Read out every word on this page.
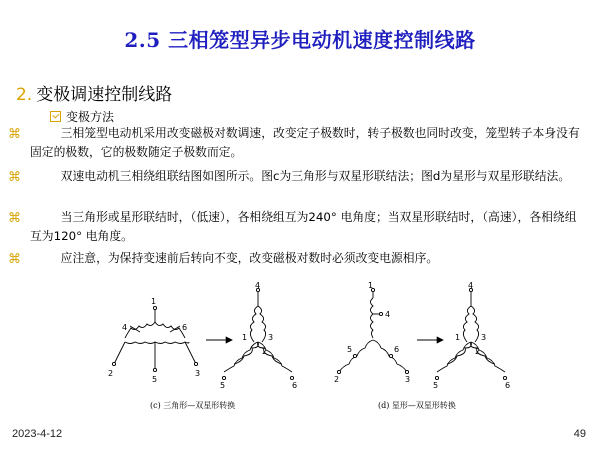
2.5 三相笼型异步电动机速度控制线路
2. 变极调速控制线路
变极方法
⌘	三相笼型电动机采用改变磁极对数调速，改变定子极数时，转子极数也同时改变，笼型转子本身没有固定的极数，它的极数随定子极数而定。
⌘	双速电动机三相绕组联结图如图所示。图c为三角形与双星形联结法；图d为星形与双星形联结法。
⌘	当三角形或星形联结时，（低速），各相绕组互为240° 电角度；当双星形联结时，（高速），各相绕组互为120° 电角度。
⌘	应注意，为保持变速前后转向不变，改变磁极对数时必须改变电源相序。
1
2	3
4
5
6
1
2
3
4
5	6
1
2	3
4
5	6
1
2
3
4
5	6
(c) 三角形—双星形转换	(d) 星形—双星形转换
2023-4-12	49
